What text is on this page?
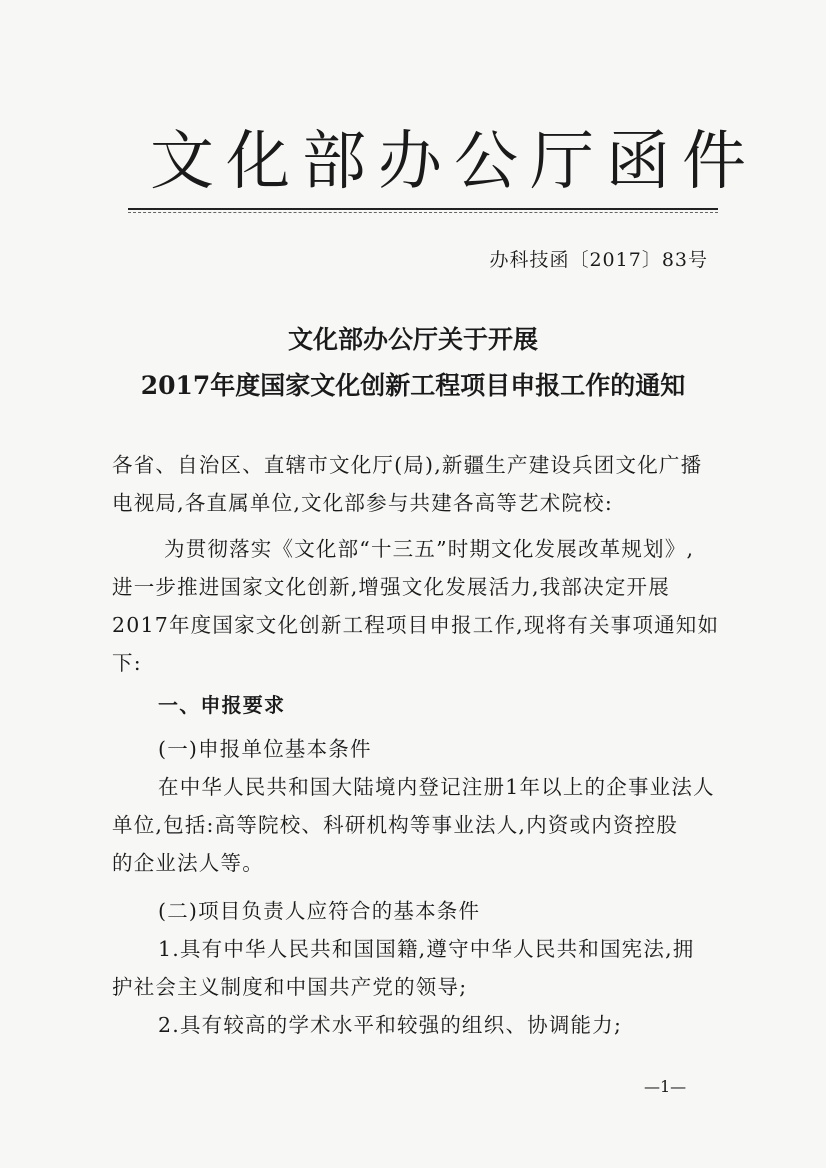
文化部办公厅函件
办科技函〔2017〕83号
文化部办公厅关于开展
2017年度国家文化创新工程项目申报工作的通知
各省、自治区、直辖市文化厅(局),新疆生产建设兵团文化广播
电视局,各直属单位,文化部参与共建各高等艺术院校:
为贯彻落实《文化部“十三五”时期文化发展改革规划》,
进一步推进国家文化创新,增强文化发展活力,我部决定开展
2017年度国家文化创新工程项目申报工作,现将有关事项通知如
下:
一、申报要求
(一)申报单位基本条件
在中华人民共和国大陆境内登记注册1年以上的企事业法人
单位,包括:高等院校、科研机构等事业法人,内资或内资控股
的企业法人等。
(二)项目负责人应符合的基本条件
1.具有中华人民共和国国籍,遵守中华人民共和国宪法,拥
护社会主义制度和中国共产党的领导;
2.具有较高的学术水平和较强的组织、协调能力;
—1—
